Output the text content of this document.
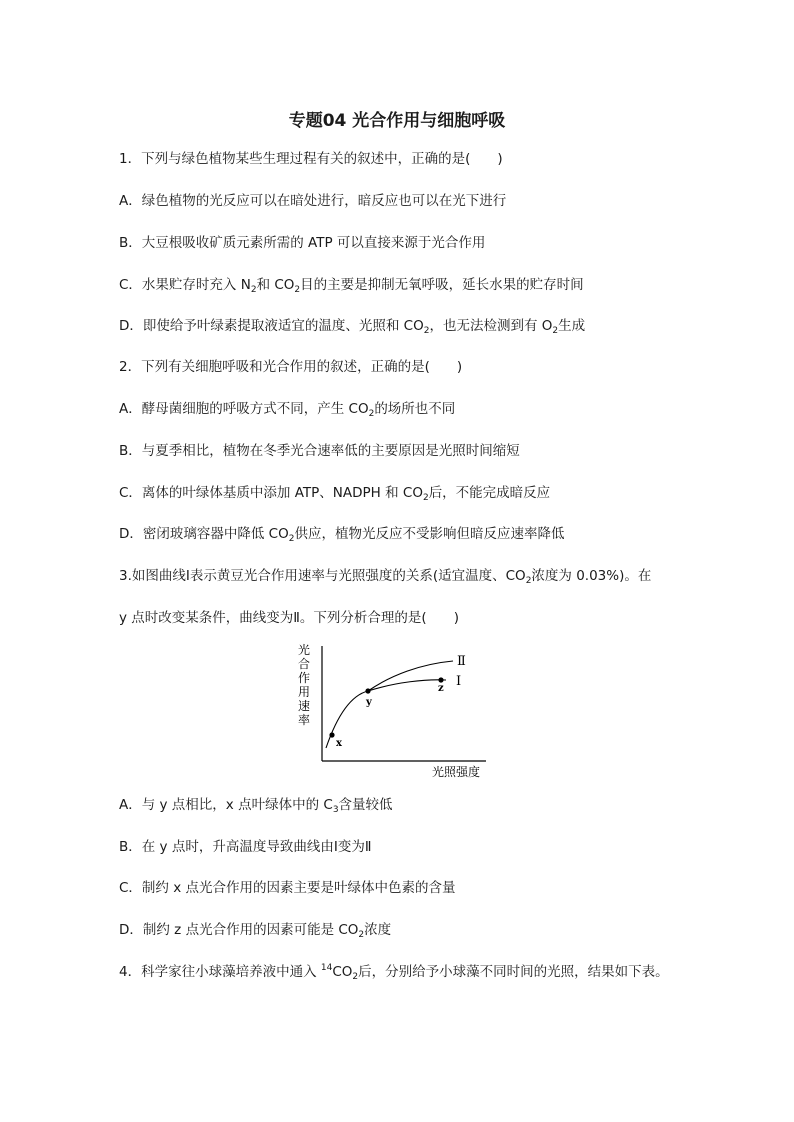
专题04 光合作用与细胞呼吸
1．下列与绿色植物某些生理过程有关的叙述中，正确的是(　　)
A．绿色植物的光反应可以在暗处进行，暗反应也可以在光下进行
B．大豆根吸收矿质元素所需的 ATP 可以直接来源于光合作用
C．水果贮存时充入 $N_2$和 $CO_2$目的主要是抑制无氧呼吸，延长水果的贮存时间
D．即使给予叶绿素提取液适宜的温度、光照和 $CO_2$，也无法检测到有 $O_2$生成
2．下列有关细胞呼吸和光合作用的叙述，正确的是(　　)
A．酵母菌细胞的呼吸方式不同，产生 $CO_2$的场所也不同
B．与夏季相比，植物在冬季光合速率低的主要原因是光照时间缩短
C．离体的叶绿体基质中添加 ATP、NADPH 和 $CO_2$后，不能完成暗反应
D．密闭玻璃容器中降低 $CO_2$供应，植物光反应不受影响但暗反应速率降低
3.如图曲线Ⅰ表示黄豆光合作用速率与光照强度的关系(适宜温度、$CO_2$浓度为 0.03%)。在
y 点时改变某条件，曲线变为Ⅱ。下列分析合理的是(　　)
光
合
作
用
速
率
x
y
z
Ⅱ
Ⅰ
光照强度
A．与 y 点相比，x 点叶绿体中的 $C_3$含量较低
B．在 y 点时，升高温度导致曲线由Ⅰ变为Ⅱ
C．制约 x 点光合作用的因素主要是叶绿体中色素的含量
D．制约 z 点光合作用的因素可能是 $CO_2$浓度
4．科学家往小球藻培养液中通入 $^{14}CO_2$后，分别给予小球藻不同时间的光照，结果如下表。
